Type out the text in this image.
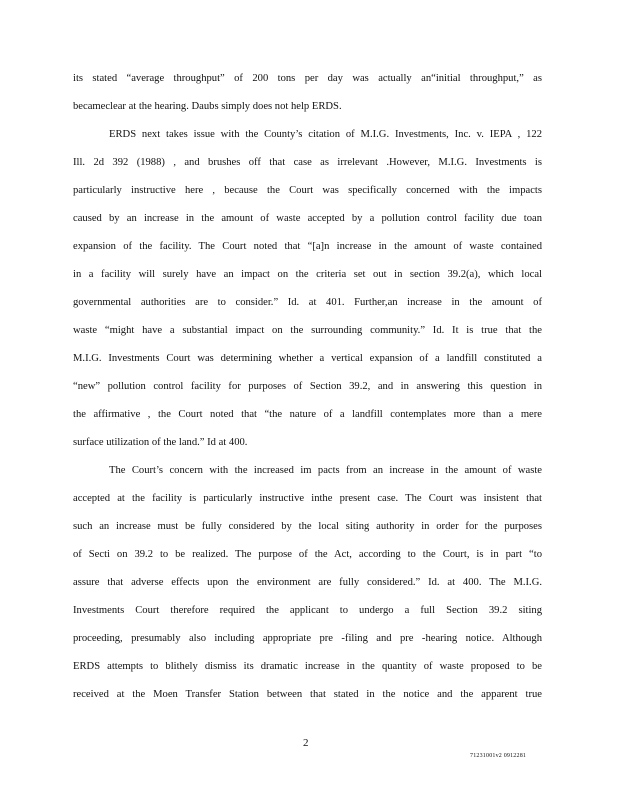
its stated “average throughput” of 200 tons per day was actually an“initial throughput,” as
becameclear at the hearing. Daubs simply does not help ERDS.
ERDS next takes issue with the County’s citation of M.I.G. Investments, Inc. v. IEPA , 122
Ill. 2d 392 (1988) , and brushes off that case as irrelevant .However, M.I.G. Investments is
particularly instructive here , because the Court was specifically concerned with the impacts
caused by an increase in the amount of waste accepted by a pollution control facility due toan
expansion of the facility. The Court noted that “[a]n increase in the amount of waste contained
in a facility will surely have an impact on the criteria set out in section 39.2(a), which local
governmental authorities are to consider.” Id. at 401. Further,an increase in the amount of
waste “might have a substantial impact on the surrounding community.” Id. It is true that the
M.I.G. Investments Court was determining whether a vertical expansion of a landfill constituted a
“new” pollution control facility for purposes of Section 39.2, and in answering this question in
the affirmative , the Court noted that “the nature of a landfill contemplates more than a mere
surface utilization of the land.” Id at 400.
The Court’s concern with the increased im pacts from an increase in the amount of waste
accepted at the facility is particularly instructive inthe present case. The Court was insistent that
such an increase must be fully considered by the local siting authority in order for the purposes
of Secti on 39.2 to be realized. The purpose of the Act, according to the Court, is in part “to
assure that adverse effects upon the environment are fully considered.” Id. at 400. The M.I.G.
Investments Court therefore required the applicant to undergo a full Section 39.2 siting
proceeding, presumably also including appropriate pre -filing and pre -hearing notice. Although
ERDS attempts to blithely dismiss its dramatic increase in the quantity of waste proposed to be
received at the Moen Transfer Station between that stated in the notice and the apparent true
2
71231001v2 0912281
